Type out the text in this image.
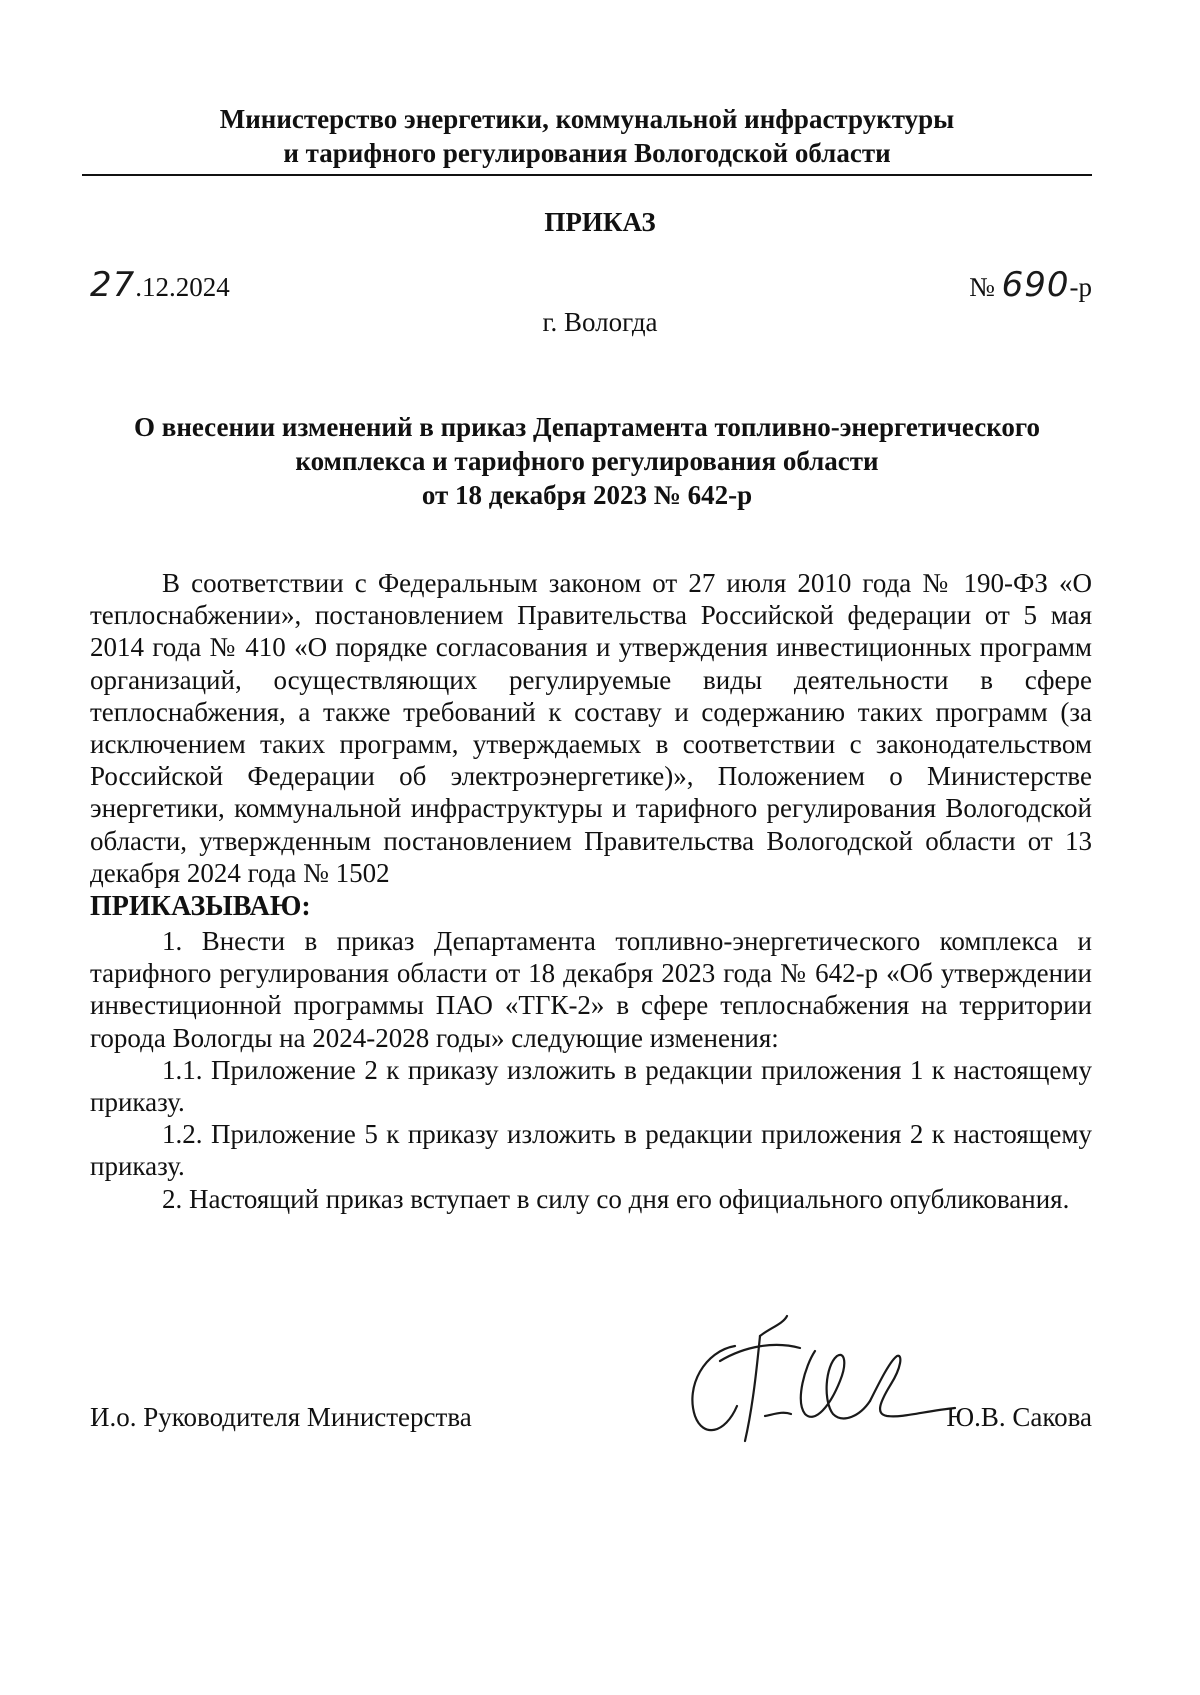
Министерство энергетики, коммунальной инфраструктуры
и тарифного регулирования Вологодской области
ПРИКАЗ
27.12.2024	№ 690-р
г. Вологда
О внесении изменений в приказ Департамента топливно-энергетического
комплекса и тарифного регулирования области
от 18 декабря 2023 № 642-р

В соответствии с Федеральным законом от 27 июля 2010 года № 190-ФЗ «О теплоснабжении», постановлением Правительства Российской федерации от 5 мая 2014 года № 410 «О порядке согласования и утверждения инвестиционных программ организаций, осуществляющих регулируемые виды деятельности в сфере теплоснабжения, а также требований к составу и содержанию таких программ (за исключением таких программ, утверждаемых в соответствии с законодательством Российской Федерации об электроэнергетике)», Положением о Министерстве энергетики, коммунальной инфраструктуры и тарифного регулирования Вологодской области, утвержденным постановлением Правительства Вологодской области от 13 декабря 2024 года № 1502

ПРИКАЗЫВАЮ:

1. Внести в приказ Департамента топливно-энергетического комплекса и тарифного регулирования области от 18 декабря 2023 года № 642-р «Об утверждении инвестиционной программы ПАО «ТГК-2» в сфере теплоснабжения на территории города Вологды на 2024-2028 годы» следующие изменения:

1.1. Приложение 2 к приказу изложить в редакции приложения 1 к настоящему приказу.

1.2. Приложение 5 к приказу изложить в редакции приложения 2 к настоящему приказу.

2. Настоящий приказ вступает в силу со дня его официального опубликования.

И.о. Руководителя Министерства	Ю.В. Сакова
